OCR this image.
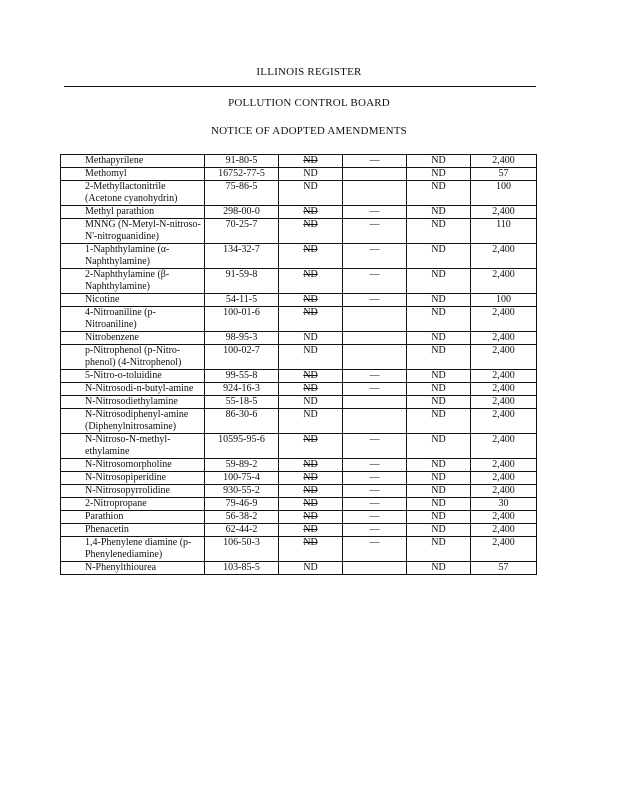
ILLINOIS REGISTER
POLLUTION CONTROL BOARD
NOTICE OF ADOPTED AMENDMENTS
Methapyrilene	91-80-5	ND	—	ND	2,400
Methomyl	16752-77-5	ND		ND	57
2-Methyllactonitrile (Acetone cyanohydrin)	75-86-5	ND		ND	100
Methyl parathion	298-00-0	ND	—	ND	2,400
MNNG (N-Metyl-N-nitroso-N'-nitroguanidine)	70-25-7	ND	—	ND	110
1-Naphthylamine (α-Naphthylamine)	134-32-7	ND	—	ND	2,400
2-Naphthylamine (β-Naphthylamine)	91-59-8	ND	—	ND	2,400
Nicotine	54-11-5	ND	—	ND	100
4-Nitroaniline (p-Nitroaniline)	100-01-6	ND		ND	2,400
Nitrobenzene	98-95-3	ND		ND	2,400
p-Nitrophenol (p-Nitro-phenol) (4-Nitrophenol)	100-02-7	ND		ND	2,400
5-Nitro-o-toluidine	99-55-8	ND	—	ND	2,400
N-Nitrosodi-n-butyl-amine	924-16-3	ND	—	ND	2,400
N-Nitrosodiethylamine	55-18-5	ND		ND	2,400
N-Nitrosodiphenyl-amine (Diphenylnitrosamine)	86-30-6	ND		ND	2,400
N-Nitroso-N-methyl-ethylamine	10595-95-6	ND	—	ND	2,400
N-Nitrosomorpholine	59-89-2	ND	—	ND	2,400
N-Nitrosopiperidine	100-75-4	ND	—	ND	2,400
N-Nitrosopyrrolidine	930-55-2	ND	—	ND	2,400
2-Nitropropane	79-46-9	ND	—	ND	30
Parathion	56-38-2	ND	—	ND	2,400
Phenacetin	62-44-2	ND	—	ND	2,400
1,4-Phenylene diamine (p-Phenylenediamine)	106-50-3	ND	—	ND	2,400
N-Phenylthiourea	103-85-5	ND		ND	57
